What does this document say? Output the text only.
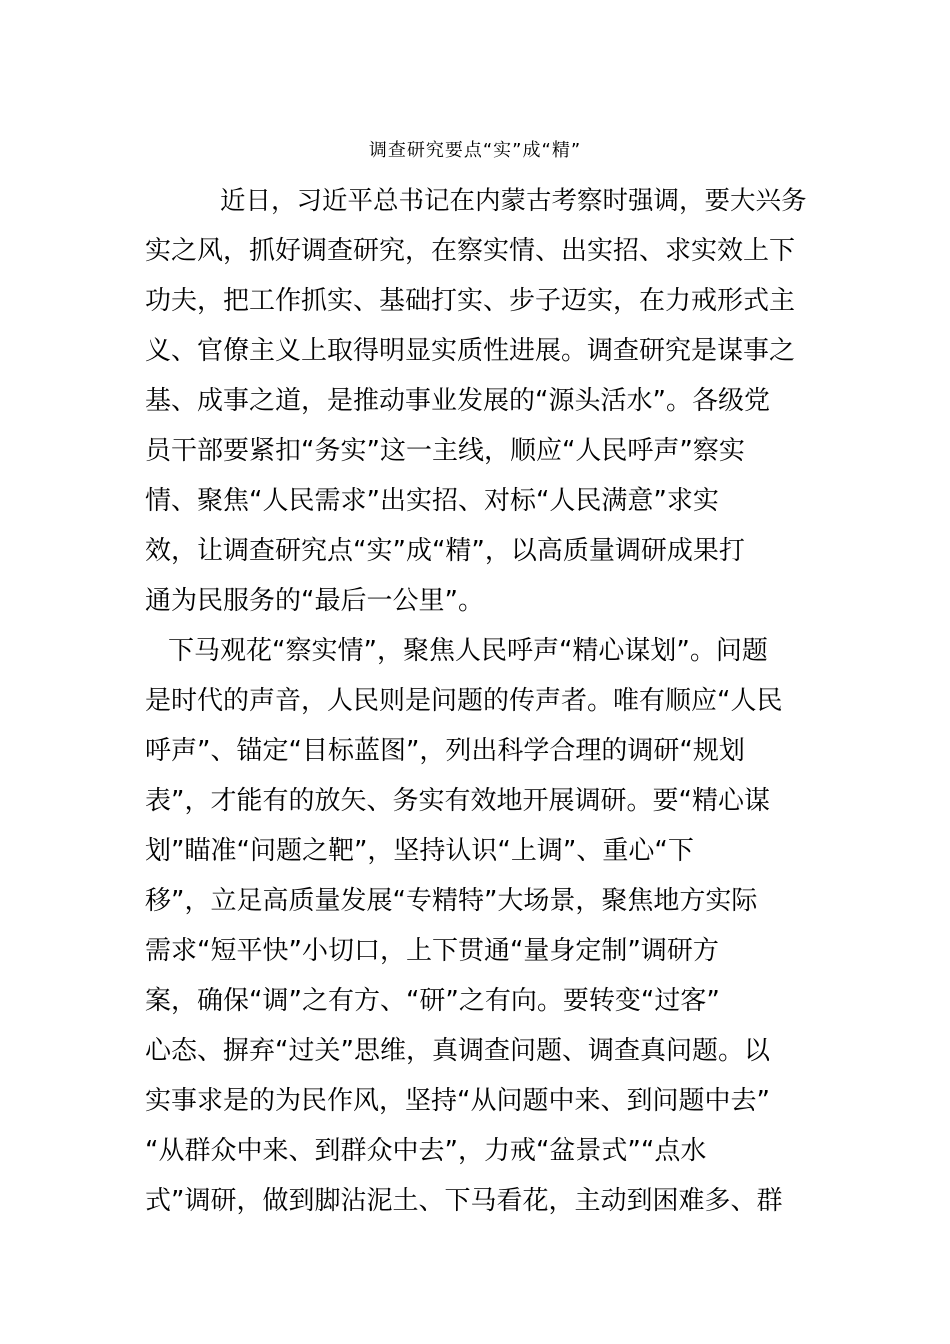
调查研究要点“实”成“精”

近日，习近平总书记在内蒙古考察时强调，要大兴务

实之风，抓好调查研究，在察实情、出实招、求实效上下

功夫，把工作抓实、基础打实、步子迈实，在力戒形式主

义、官僚主义上取得明显实质性进展。调查研究是谋事之

基、成事之道，是推动事业发展的“源头活水”。各级党

员干部要紧扣“务实”这一主线，顺应“人民呼声”察实

情、聚焦“人民需求”出实招、对标“人民满意”求实

效，让调查研究点“实”成“精”，以高质量调研成果打

通为民服务的“最后一公里”。

下马观花“察实情”，聚焦人民呼声“精心谋划”。问题

是时代的声音，人民则是问题的传声者。唯有顺应“人民

呼声”、锚定“目标蓝图”，列出科学合理的调研“规划

表”，才能有的放矢、务实有效地开展调研。要“精心谋

划”瞄准“问题之靶”，坚持认识“上调”、重心“下

移”，立足高质量发展“专精特”大场景，聚焦地方实际

需求“短平快”小切口，上下贯通“量身定制”调研方

案，确保“调”之有方、“研”之有向。要转变“过客”

心态、摒弃“过关”思维，真调查问题、调查真问题。以

实事求是的为民作风，坚持“从问题中来、到问题中去”

“从群众中来、到群众中去”，力戒“盆景式”“点水

式”调研，做到脚沾泥土、下马看花，主动到困难多、群
